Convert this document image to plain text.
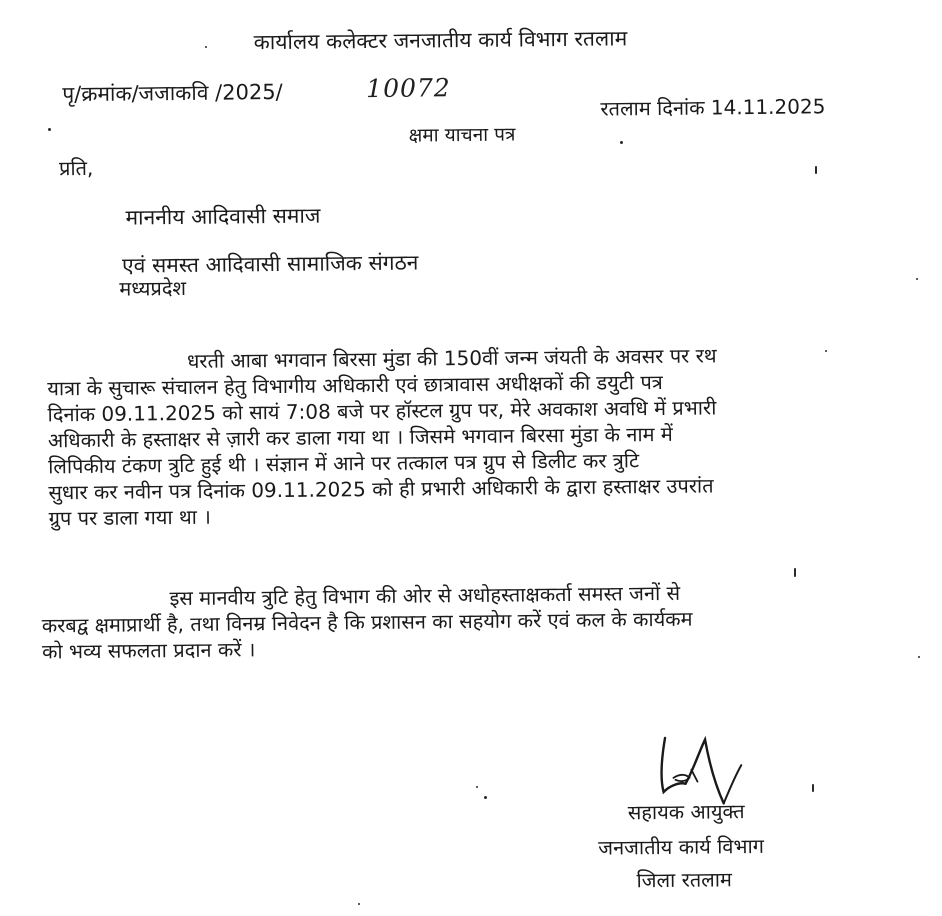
कार्यालय कलेक्टर जनजातीय कार्य विभाग रतलाम
पृ/क्रमांक/जजाकवि /2025/	10072
रतलाम दिनांक 14.11.2025
क्षमा याचना पत्र
प्रति,
माननीय आदिवासी समाज
एवं समस्त आदिवासी सामाजिक संगठन
मध्यप्रदेश
धरती आबा भगवान बिरसा मुंडा की 150वीं जन्म जंयती के अवसर पर रथ
यात्रा के सुचारू संचालन हेतु विभागीय अधिकारी एवं छात्रावास अधीक्षकों की डयुटी पत्र
दिनांक 09.11.2025 को सायं 7:08 बजे पर हॉस्टल ग्रुप पर, मेरे अवकाश अवधि में प्रभारी
अधिकारी के हस्ताक्षर से ज़ारी कर डाला गया था । जिसमे भगवान बिरसा मुंडा के नाम में
लिपिकीय टंकण त्रुटि हुई थी । संज्ञान में आने पर तत्काल पत्र ग्रुप से डिलीट कर त्रुटि
सुधार कर नवीन पत्र दिनांक 09.11.2025 को ही प्रभारी अधिकारी के द्वारा हस्ताक्षर उपरांत
ग्रुप पर डाला गया था ।
इस मानवीय त्रुटि हेतु विभाग की ओर से अधोहस्ताक्षकर्ता समस्त जनों से
करबद्व क्षमाप्रार्थी है, तथा विनम्र निवेदन है कि प्रशासन का सहयोग करें एवं कल के कार्यकम
को भव्य सफलता प्रदान करें ।
सहायक आयुक्त
जनजातीय कार्य विभाग
जिला रतलाम
